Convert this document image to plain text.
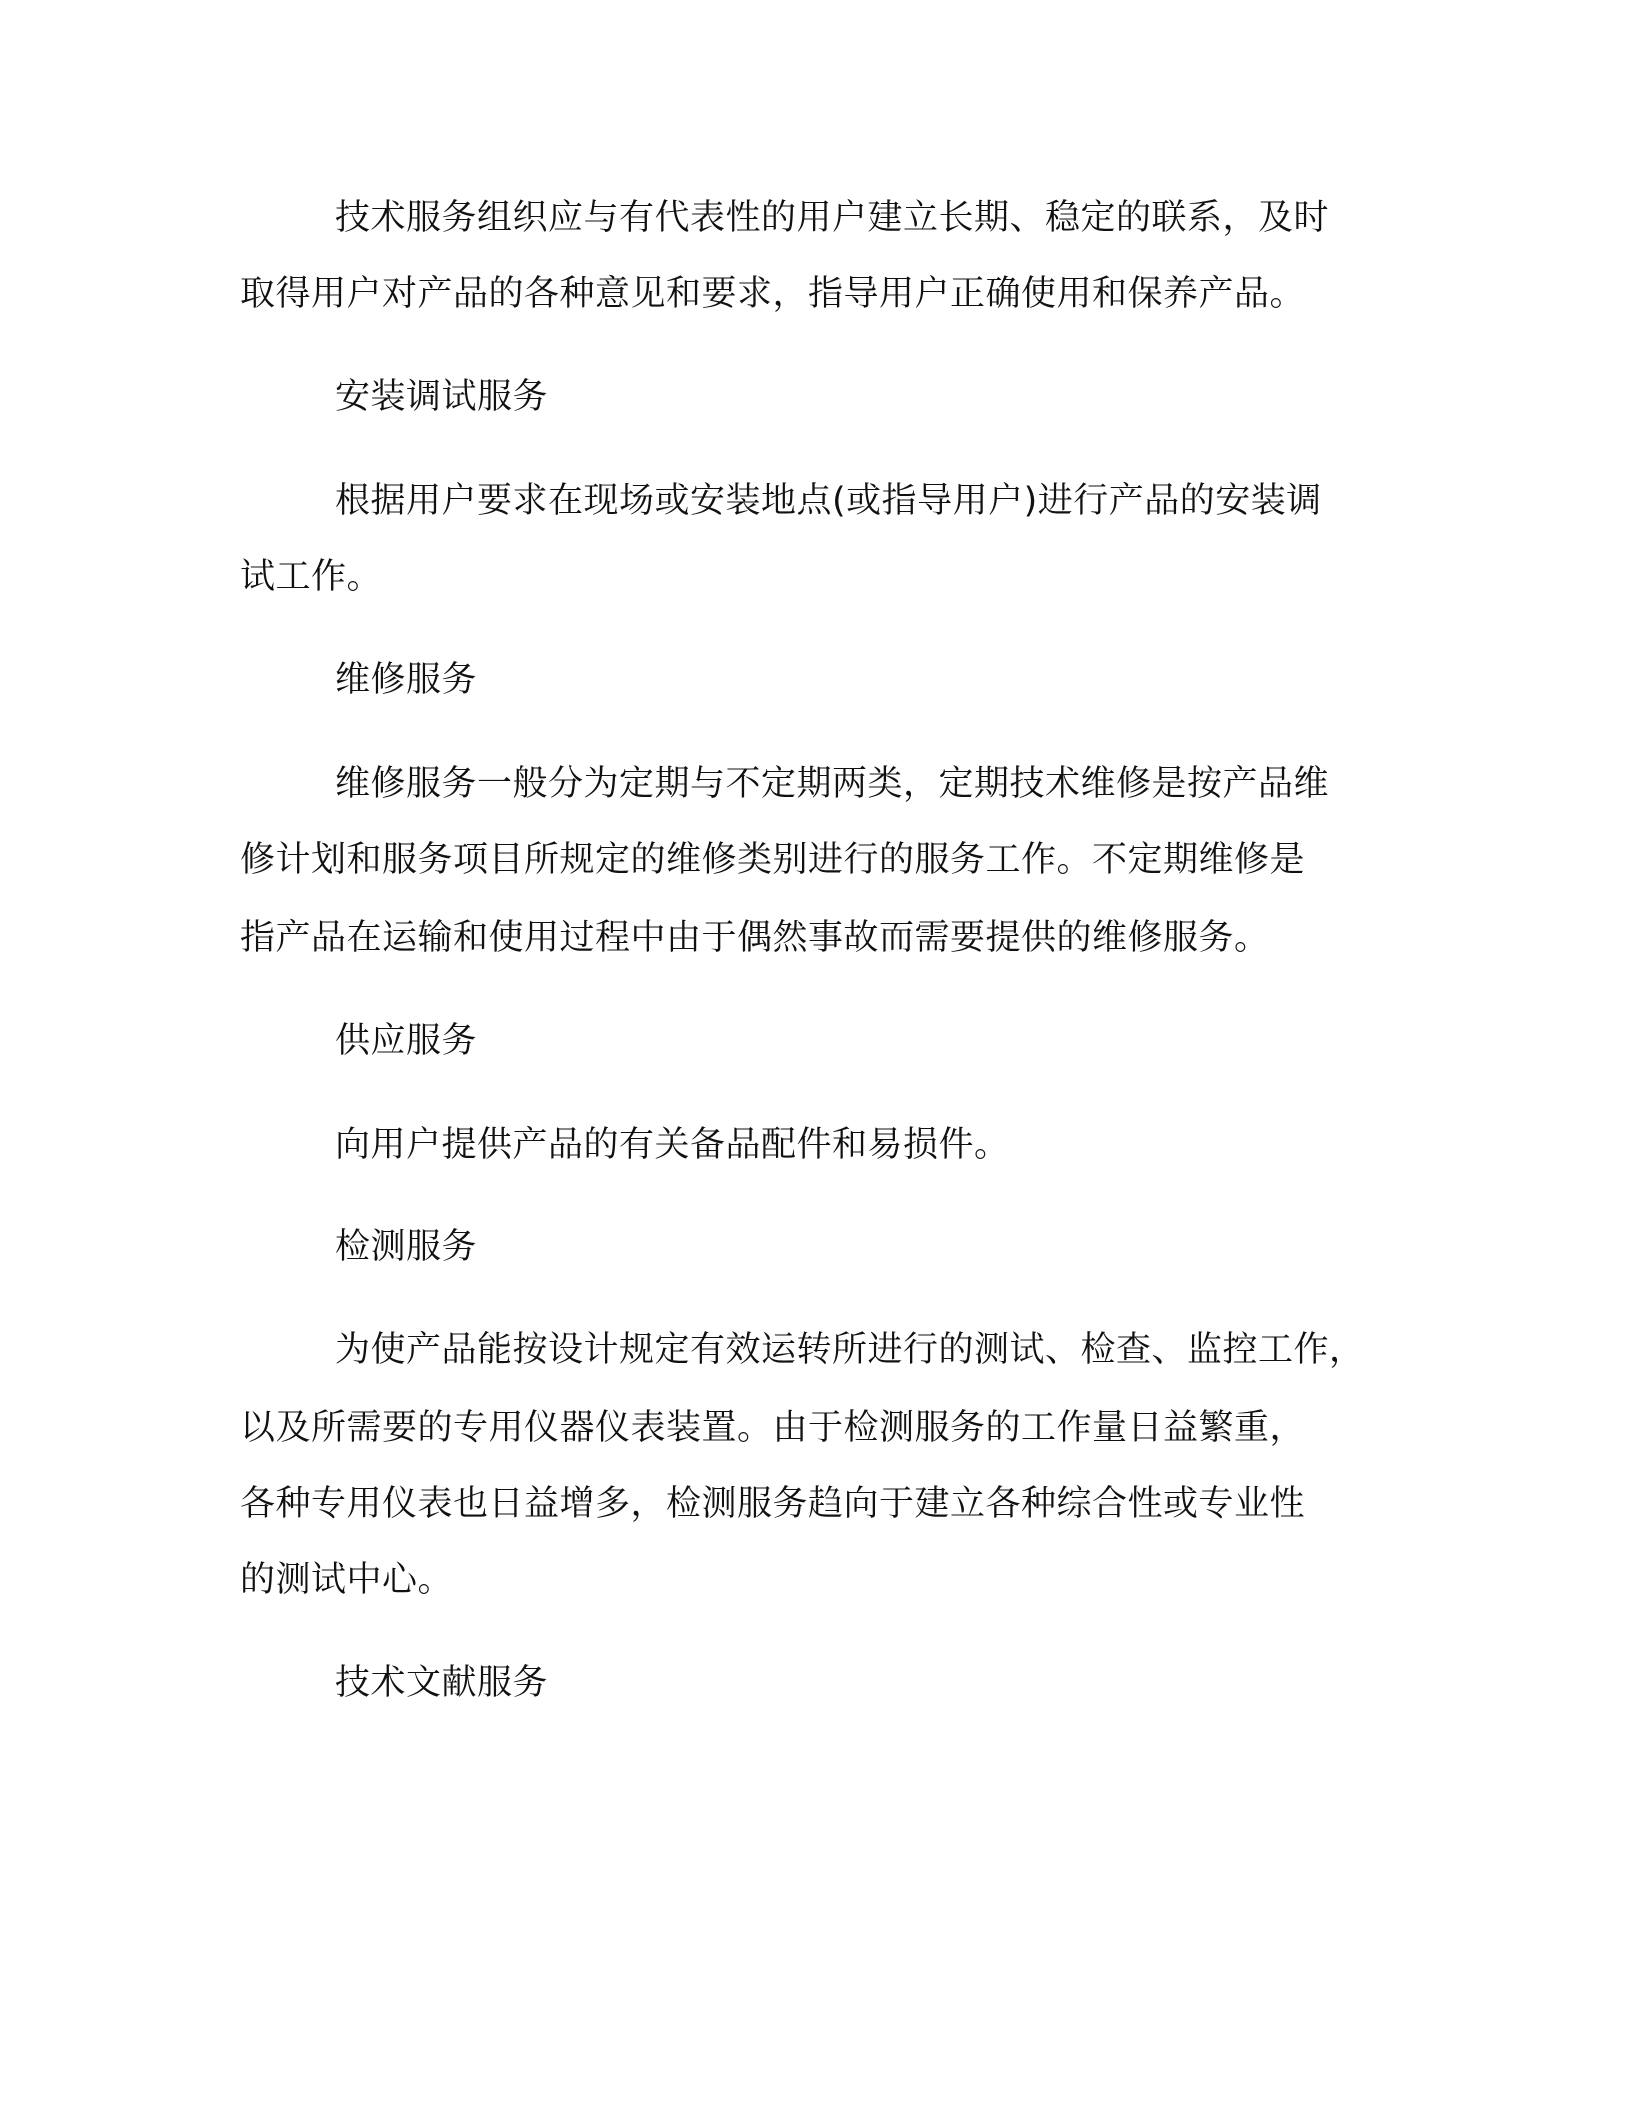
技术服务组织应与有代表性的用户建立长期、稳定的联系，及时
取得用户对产品的各种意见和要求，指导用户正确使用和保养产品。
安装调试服务
根据用户要求在现场或安装地点(或指导用户)进行产品的安装调
试工作。
维修服务
维修服务一般分为定期与不定期两类，定期技术维修是按产品维
修计划和服务项目所规定的维修类别进行的服务工作。不定期维修是
指产品在运输和使用过程中由于偶然事故而需要提供的维修服务。
供应服务
向用户提供产品的有关备品配件和易损件。
检测服务
为使产品能按设计规定有效运转所进行的测试、检查、监控工作，
以及所需要的专用仪器仪表装置。由于检测服务的工作量日益繁重，
各种专用仪表也日益增多，检测服务趋向于建立各种综合性或专业性
的测试中心。
技术文献服务
